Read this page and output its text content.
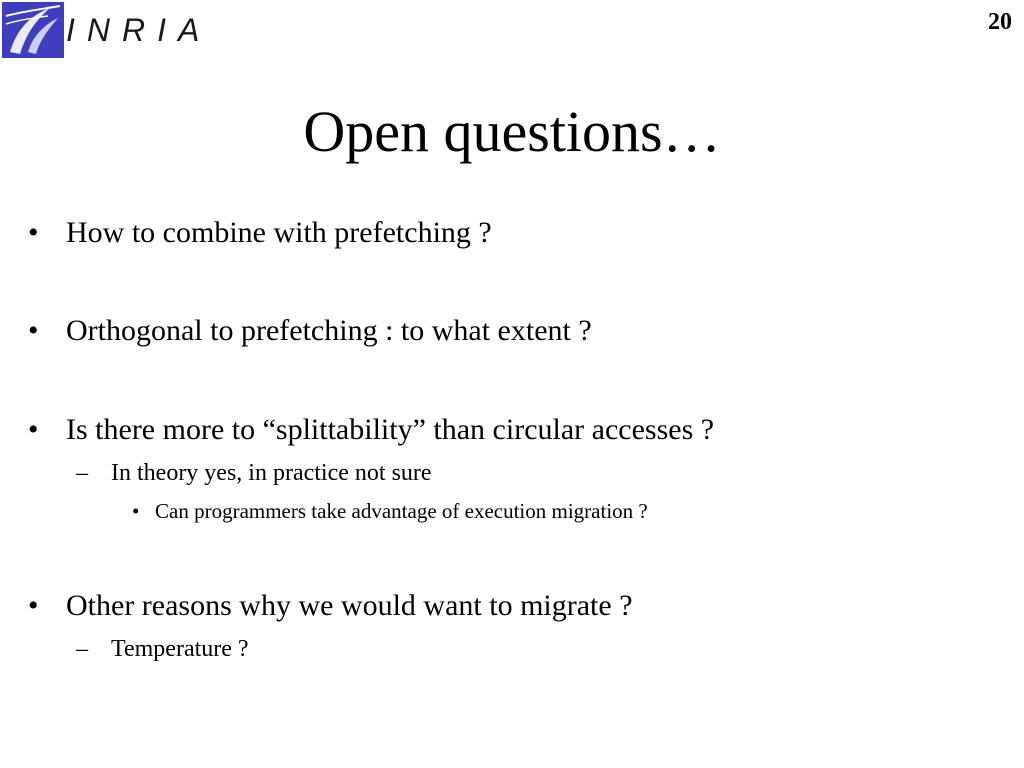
INRIA	20
Open questions…
• How to combine with prefetching ?
• Orthogonal to prefetching : to what extent ?
• Is there more to “splittability” than circular accesses ?
– In theory yes, in practice not sure
• Can programmers take advantage of execution migration ?
• Other reasons why we would want to migrate ?
– Temperature ?
